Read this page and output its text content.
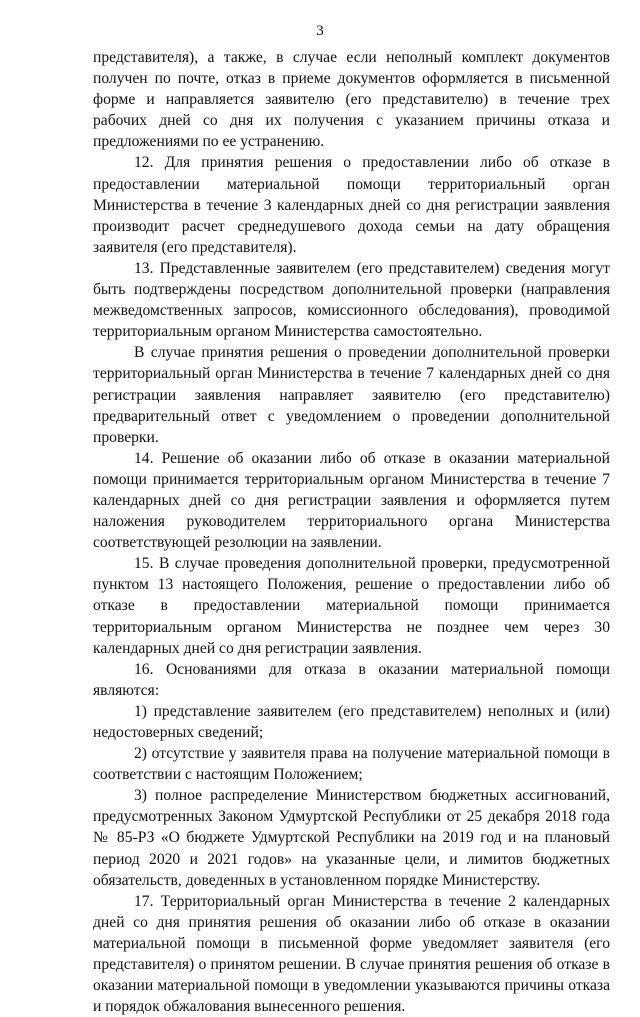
3

представителя), а также, в случае если неполный комплект документов получен по почте, отказ в приеме документов оформляется в письменной форме и направляется заявителю (его представителю) в течение трех рабочих дней со дня их получения с указанием причины отказа и предложениями по ее устранению.

12. Для принятия решения о предоставлении либо об отказе в предоставлении материальной помощи территориальный орган Министерства в течение 3 календарных дней со дня регистрации заявления производит расчет среднедушевого дохода семьи на дату обращения заявителя (его представителя).

13. Представленные заявителем (его представителем) сведения могут быть подтверждены посредством дополнительной проверки (направления межведомственных запросов, комиссионного обследования), проводимой территориальным органом Министерства самостоятельно.

В случае принятия решения о проведении дополнительной проверки территориальный орган Министерства в течение 7 календарных дней со дня регистрации заявления направляет заявителю (его представителю) предварительный ответ с уведомлением о проведении дополнительной проверки.

14. Решение об оказании либо об отказе в оказании материальной помощи принимается территориальным органом Министерства в течение 7 календарных дней со дня регистрации заявления и оформляется путем наложения руководителем территориального органа Министерства соответствующей резолюции на заявлении.

15. В случае проведения дополнительной проверки, предусмотренной пунктом 13 настоящего Положения, решение о предоставлении либо об отказе в предоставлении материальной помощи принимается территориальным органом Министерства не позднее чем через 30 календарных дней со дня регистрации заявления.

16. Основаниями для отказа в оказании материальной помощи являются:

1) представление заявителем (его представителем) неполных и (или) недостоверных сведений;

2) отсутствие у заявителя права на получение материальной помощи в соответствии с настоящим Положением;

3) полное распределение Министерством бюджетных ассигнований, предусмотренных Законом Удмуртской Республики от 25 декабря 2018 года № 85-РЗ «О бюджете Удмуртской Республики на 2019 год и на плановый период 2020 и 2021 годов» на указанные цели, и лимитов бюджетных обязательств, доведенных в установленном порядке Министерству.

17. Территориальный орган Министерства в течение 2 календарных дней со дня принятия решения об оказании либо об отказе в оказании материальной помощи в письменной форме уведомляет заявителя (его представителя) о принятом решении. В случае принятия решения об отказе в оказании материальной помощи в уведомлении указываются причины отказа и порядок обжалования вынесенного решения.
